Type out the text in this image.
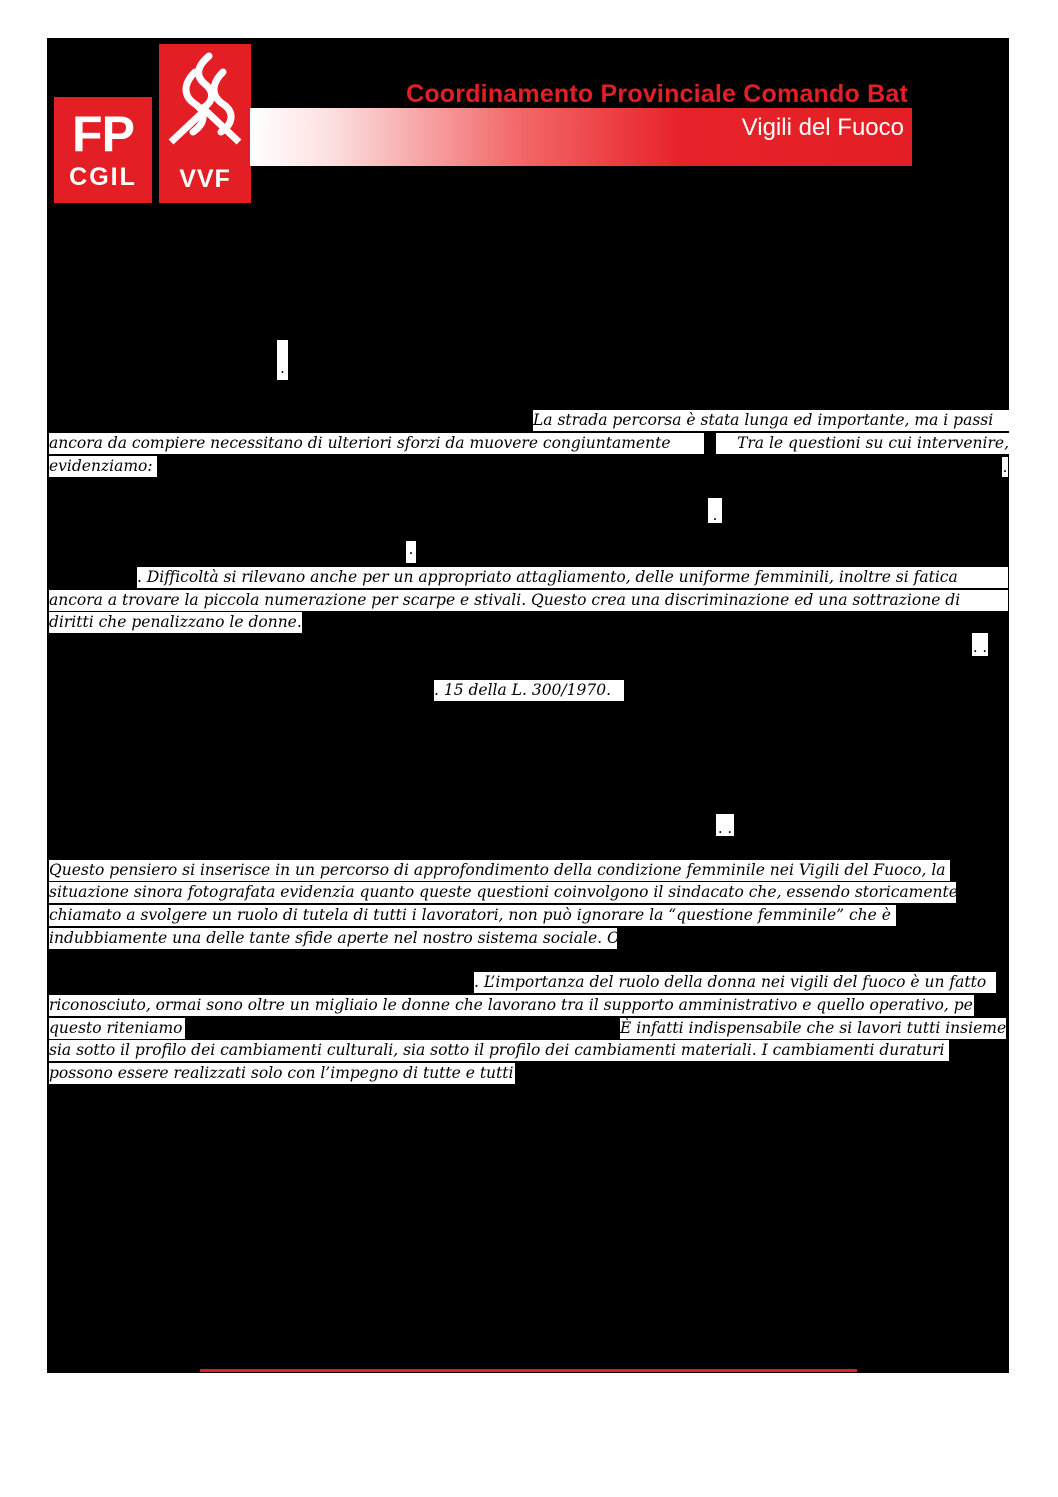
FP
CGIL	VVF
Coordinamento Provinciale Comando Bat
Vigili del Fuoco
.
.
. .
.
. .
. .
La strada percorsa è stata lunga ed importante, ma i passi
ancora da compiere necessitano di ulteriori sforzi da muovere congiuntamente	Tra le questioni su cui intervenire,
evidenziamo:
. Difficoltà si rilevano anche per un appropriato attagliamento, delle uniforme femminili, inoltre si fatica
ancora a trovare la piccola numerazione per scarpe e stivali. Questo crea una discriminazione ed una sottrazione di
diritti che penalizzano le donne.
. 15 della L. 300/1970.
Questo pensiero si inserisce in un percorso di approfondimento della condizione femminile nei Vigili del Fuoco, la
situazione sinora fotografata evidenzia quanto queste questioni coinvolgono il sindacato che, essendo storicamente
chiamato a svolgere un ruolo di tutela di tutti i lavoratori, non può ignorare la “questione femminile” che è
indubbiamente una delle tante sfide aperte nel nostro sistema sociale. O
. L’importanza del ruolo della donna nei vigili del fuoco è un fatto
riconosciuto, ormai sono oltre un migliaio le donne che lavorano tra il supporto amministrativo e quello operativo, per
questo riteniamo	È infatti indispensabile che si lavori tutti insieme
sia sotto il profilo dei cambiamenti culturali, sia sotto il profilo dei cambiamenti materiali. I cambiamenti duraturi
possono essere realizzati solo con l’impegno di tutte e tutti.
